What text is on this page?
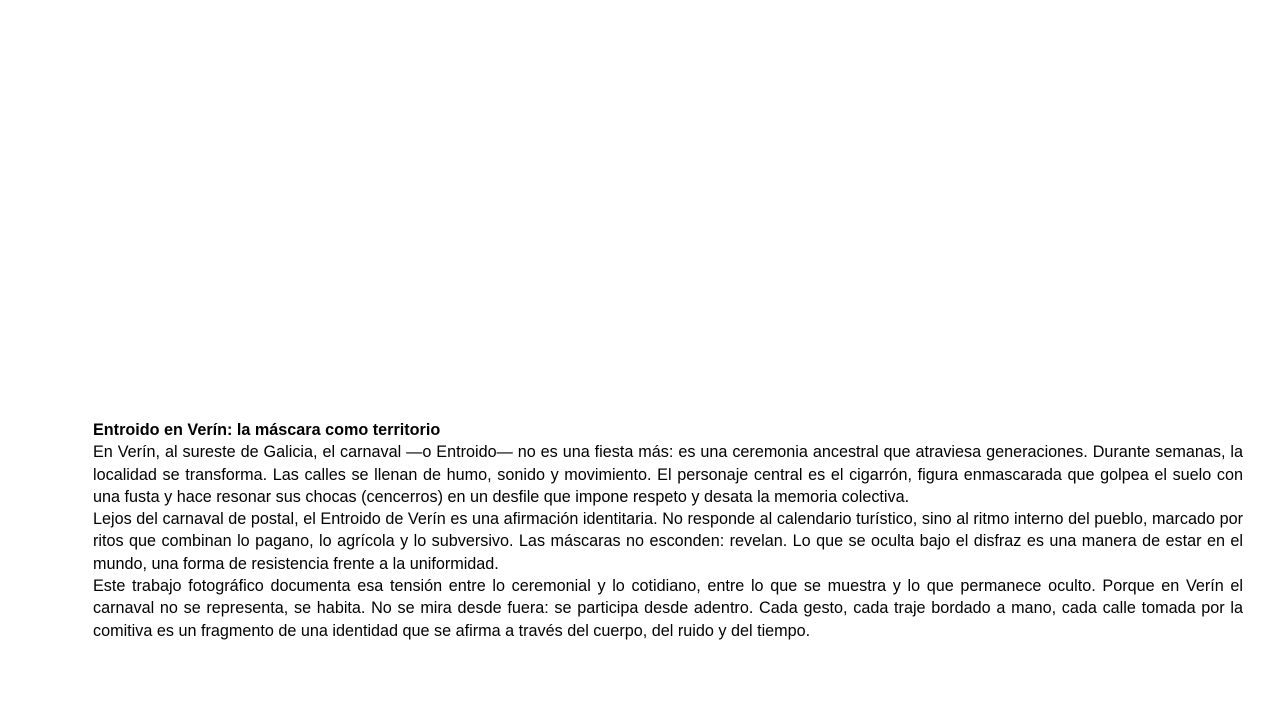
Entroido en Verín: la máscara como territorio

En Verín, al sureste de Galicia, el carnaval —o Entroido— no es una fiesta más: es una ceremonia ancestral que atraviesa generaciones. Durante semanas, la localidad se transforma. Las calles se llenan de humo, sonido y movimiento. El personaje central es el cigarrón, figura enmascarada que golpea el suelo con una fusta y hace resonar sus chocas (cencerros) en un desfile que impone respeto y desata la memoria colectiva.

Lejos del carnaval de postal, el Entroido de Verín es una afirmación identitaria. No responde al calendario turístico, sino al ritmo interno del pueblo, marcado por ritos que combinan lo pagano, lo agrícola y lo subversivo. Las máscaras no esconden: revelan. Lo que se oculta bajo el disfraz es una manera de estar en el mundo, una forma de resistencia frente a la uniformidad.

Este trabajo fotográfico documenta esa tensión entre lo ceremonial y lo cotidiano, entre lo que se muestra y lo que permanece oculto. Porque en Verín el carnaval no se representa, se habita. No se mira desde fuera: se participa desde adentro. Cada gesto, cada traje bordado a mano, cada calle tomada por la comitiva es un fragmento de una identidad que se afirma a través del cuerpo, del ruido y del tiempo.
